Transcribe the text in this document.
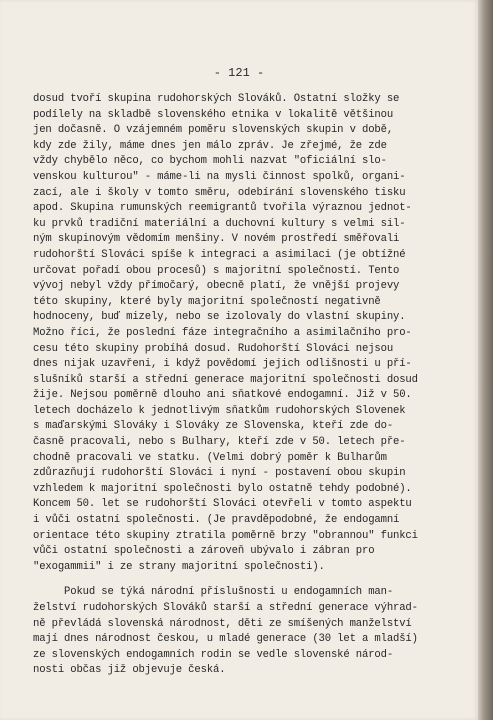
- 121 -
dosud tvoří skupina rudohorských Slováků. Ostatní složky se
podílely na skladbě slovenského etnika v lokalitě většinou
jen dočasně. O vzájemném poměru slovenských skupin v době,
kdy zde žily, máme dnes jen málo zpráv. Je zřejmé, že zde
vždy chybělo něco, co bychom mohli nazvat "oficiální slo-
venskou kulturou" - máme-li na mysli činnost spolků, organi-
zací, ale i školy v tomto směru, odebírání slovenského tisku
apod. Skupina rumunských reemigrantů tvořila výraznou jednot-
ku prvků tradiční materiální a duchovní kultury s velmi sil-
ným skupinovým vědomím menšiny. V novém prostředí směřovali
rudohorští Slováci spíše k integraci a asimilaci (je obtížné
určovat pořadí obou procesů) s majoritní společností. Tento
vývoj nebyl vždy přímočarý, obecně platí, že vnější projevy
této skupiny, které byly majoritní společností negativně
hodnoceny, buď mizely, nebo se izolovaly do vlastní skupiny.
Možno říci, že poslední fáze integračního a asimilačního pro-
cesu této skupiny probíhá dosud. Rudohorští Slováci nejsou
dnes nijak uzavřeni, i když povědomí jejich odlišnosti u pří-
slušníků starší a střední generace majoritní společnosti dosud
žije. Nejsou poměrně dlouho ani sňatkové endogamní. Již v 50.
letech docházelo k jednotlivým sňatkům rudohorských Slovenek
s maďarskými Slováky i Slováky ze Slovenska, kteří zde do-
časně pracovali, nebo s Bulhary, kteří zde v 50. letech pře-
chodně pracovali ve statku. (Velmi dobrý poměr k Bulharům
zdůrazňují rudohorští Slováci i nyní - postavení obou skupin
vzhledem k majoritní společnosti bylo ostatně tehdy podobné).
Koncem 50. let se rudohorští Slováci otevřeli v tomto aspektu
i vůči ostatní společnosti. (Je pravděpodobné, že endogamní
orientace této skupiny ztratila poměrně brzy "obrannou" funkci
vůči ostatní společnosti a zároveň ubývalo i zábran pro
"exogammii" i ze strany majoritní společnosti).
Pokud se týká národní příslušnosti u endogamních man-
želství rudohorských Slováků starší a střední generace výhrad-
ně převládá slovenská národnost, děti ze smíšených manželství
mají dnes národnost českou, u mladé generace (30 let a mladší)
ze slovenských endogamních rodin se vedle slovenské národ-
nosti občas již objevuje česká.
